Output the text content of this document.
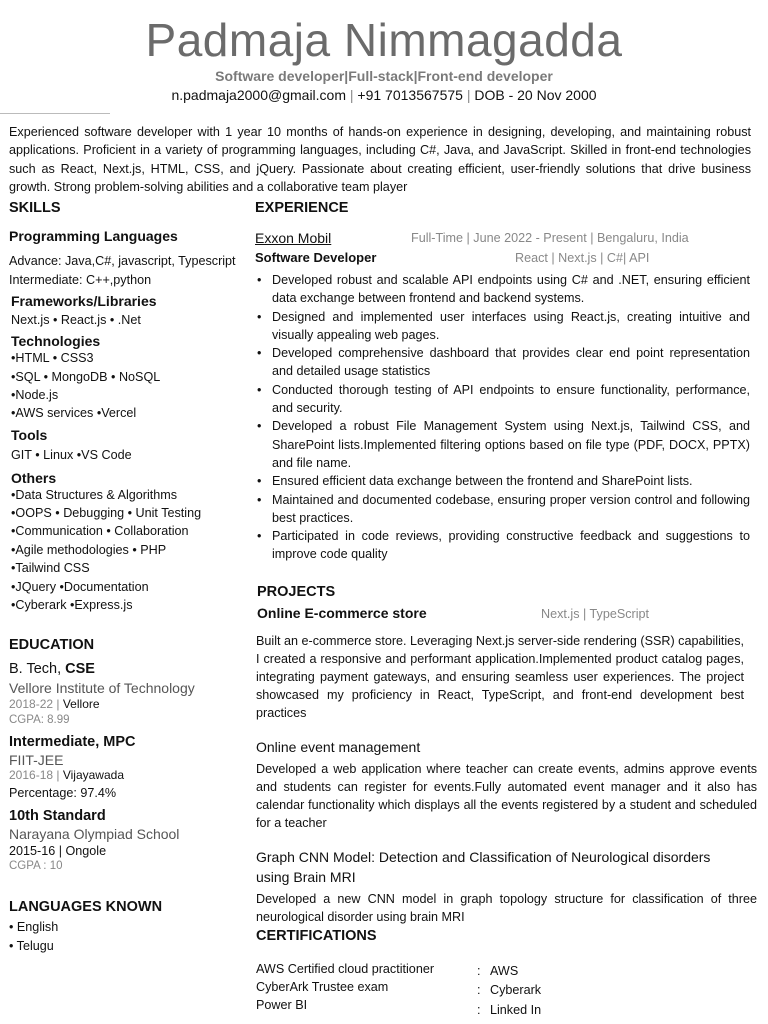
Padmaja Nimmagadda
Software developer|Full-stack|Front-end developer
n.padmaja2000@gmail.com | +91 7013567575 | DOB - 20 Nov 2000
Experienced software developer with 1 year 10 months of hands-on experience in designing, developing, and maintaining robust applications. Proficient in a variety of programming languages, including C#, Java, and JavaScript. Skilled in front-end technologies such as React, Next.js, HTML, CSS, and jQuery. Passionate about creating efficient, user-friendly solutions that drive business growth. Strong problem-solving abilities and a collaborative team player
SKILLS
Programming Languages
Advance: Java,C#, javascript, Typescript
Intermediate: C++,python
Frameworks/Libraries
Next.js • React.js • .Net
Technologies
•HTML • CSS3
•SQL • MongoDB • NoSQL
•Node.js
•AWS services •Vercel
Tools
GIT • Linux •VS Code
Others
•Data Structures & Algorithms
•OOPS • Debugging • Unit Testing
•Communication • Collaboration
•Agile methodologies • PHP
•Tailwind CSS
•JQuery •Documentation
•Cyberark •Express.js
EDUCATION
B. Tech, CSE
Vellore Institute of Technology
2018-22 | Vellore
CGPA: 8.99
Intermediate, MPC
FIIT-JEE
2016-18 | Vijayawada
Percentage: 97.4%
10th Standard
Narayana Olympiad School
2015-16 | Ongole
CGPA : 10
LANGUAGES KNOWN
• English
• Telugu
EXPERIENCE
Exxon Mobil	Full-Time | June 2022 - Present | Bengaluru, India
Software Developer	React | Next.js | C#| API
• Developed robust and scalable API endpoints using C# and .NET, ensuring efficient data exchange between frontend and backend systems.
• Designed and implemented user interfaces using React.js, creating intuitive and visually appealing web pages.
• Developed comprehensive dashboard that provides clear end point representation and detailed usage statistics
• Conducted thorough testing of API endpoints to ensure functionality, performance, and security.
• Developed a robust File Management System using Next.js, Tailwind CSS, and SharePoint lists.Implemented filtering options based on file type (PDF, DOCX, PPTX) and file name.
• Ensured efficient data exchange between the frontend and SharePoint lists.
• Maintained and documented codebase, ensuring proper version control and following best practices.
• Participated in code reviews, providing constructive feedback and suggestions to improve code quality
PROJECTS
Online E-commerce store	Next.js | TypeScript
Built an e-commerce store. Leveraging Next.js server-side rendering (SSR) capabilities, I created a responsive and performant application.Implemented product catalog pages, integrating payment gateways, and ensuring seamless user experiences. The project showcased my proficiency in React, TypeScript, and front-end development best practices
Online event management
Developed a web application where teacher can create events, admins approve events and students can register for events.Fully automated event manager and it also has calendar functionality which displays all the events registered by a student and scheduled for a teacher
Graph CNN Model: Detection and Classification of Neurological disorders
using Brain MRI
Developed a new CNN model in graph topology structure for classification of three neurological disorder using brain MRI
CERTIFICATIONS
AWS Certified cloud practitioner	: AWS
CyberArk Trustee exam	: Cyberark
Power BI	: Linked In
